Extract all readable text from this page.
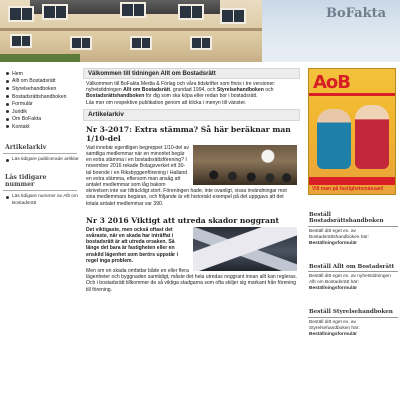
BoFakta
Hem
Allt om Bostadsrätt
Styrelsehandboken
Bostadsrättshandboken
Formulär
Juridik
Om BoFakta
Kontakt
Artikelarkiv
Läs tidigare publicerade artiklar
Läs tidigare nummer
Läs tidigare nummer av Allt om Bostadsrätt
Välkommen till tidningen Allt om Bostadsrätt

Välkommen till BoFakta Media & Förlag och våra tidskrifter som finns i tre versioner: nyhetstidningen Allt om Bostadsrätt, grundad 1994, och Styrelsehandboken och Bostadsrättshandboken för dig som ska köpa eller redan bor i bostadsrätt.

Läs mer om respektive publikation genom att klicka i menyn till vänster.

Artikelarkiv
Nr 3-2017: Extra stämma? Så här beräknar man 1/10-del
Vad innebär egentligen begreppet 1/10-del av samtliga medlemmar när en minoritet begär en extra stämma i en bostadsrättsförening? I november 2016 rekade Bolagsverket ett 30-tal boende i en Riksbyggenförening i Halland en extra stämma, eftersom man ansåg att antalet medlemmar som låg bakom skrivelsen inte var tillräckligt stort. Föreningen hade, inte ovanligt, vissa invändningar mot sina medlemmars begäran, och följande är ett historiskt exempel på det uppgavs att det totala antalet medlemmar var 390.
Nr 3 2016 Viktigt att utreda skador noggrant
Det viktigaste, men också oftast det svåraste, när en skada har inträffat i bostadsrätt är att utreda orsaken. Så länge det bara är fastigheten eller en enskild lägenhet som berörs uppstår i regel inga problem.

Men om en skada omfattar både en eller flera lägenheter och byggnaden samtidigt, måste det hela utredas noggrant innan allt kan regleras. Och i bostadsrätt tillkommer de så viktiga stadgarna som ofta skiljer sig markant från förening till förening.

AoB
Vill man på fastighetsmässan!
Beställ Bostadsrättshandboken

Beställ ditt eget ex. av Bostadsrättshandboken här:
Beställningsformulär

Beställ Allt om Bostadsrätt

Beställ ditt eget ex. av nyhetstidningen Allt om Bostadsrätt här:
Beställningsformulär

Beställ Styrelsehandboken

Beställ ditt eget ex. av Styrelsehandboken här:
Beställningsformulär
